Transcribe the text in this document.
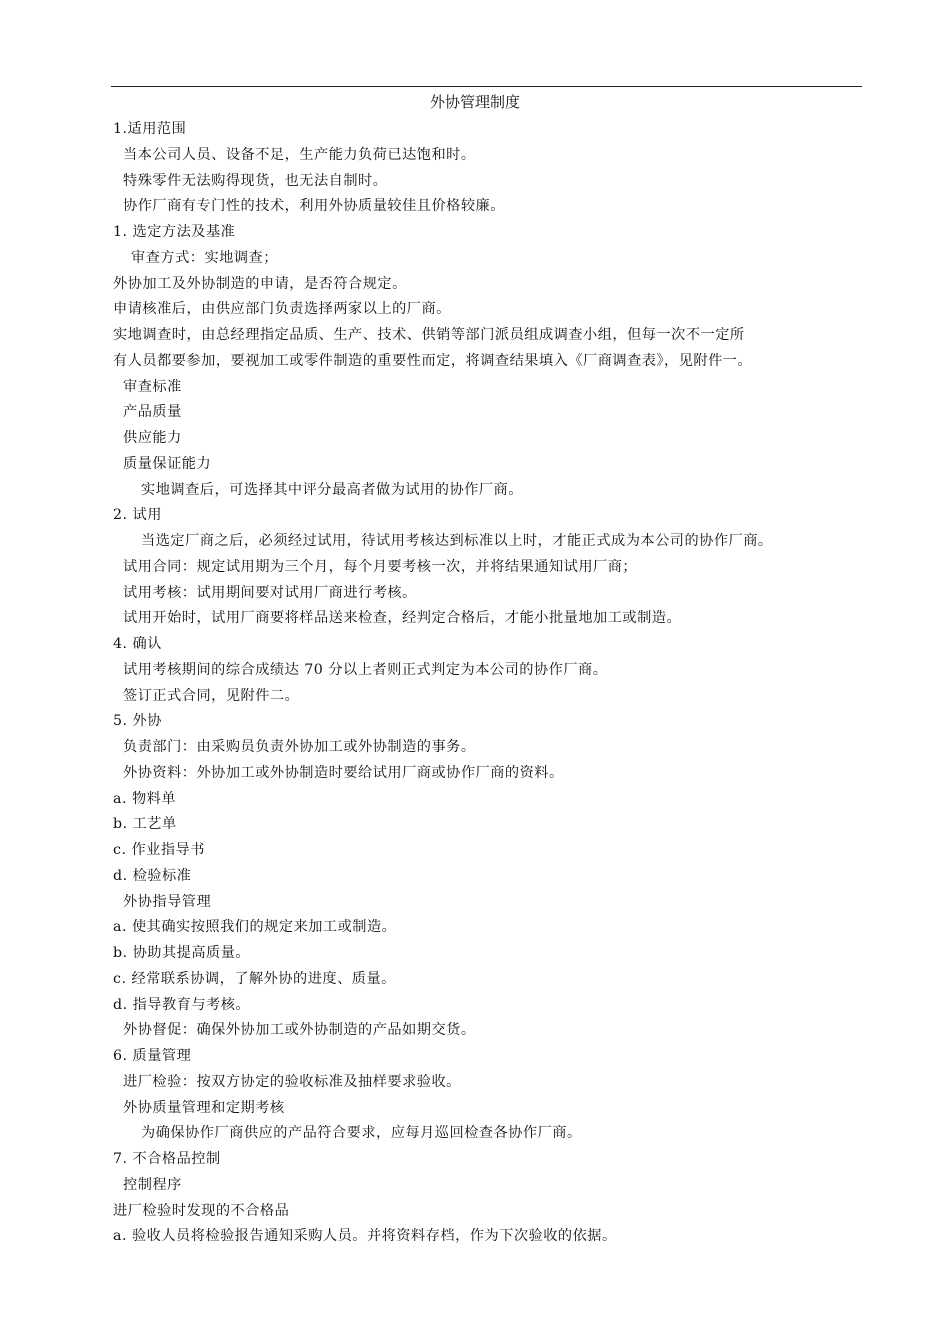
外协管理制度
1.适用范围
当本公司人员、设备不足，生产能力负荷已达饱和时。
特殊零件无法购得现货，也无法自制时。
协作厂商有专门性的技术，利用外协质量较佳且价格较廉。
1. 选定方法及基准
审查方式：实地调查；
外协加工及外协制造的申请，是否符合规定。
申请核准后，由供应部门负责选择两家以上的厂商。
实地调查时，由总经理指定品质、生产、技术、供销等部门派员组成调查小组，但每一次不一定所
有人员都要参加，要视加工或零件制造的重要性而定，将调查结果填入《厂商调查表》，见附件一。
审查标准
产品质量
供应能力
质量保证能力
实地调查后，可选择其中评分最高者做为试用的协作厂商。
2. 试用
当选定厂商之后，必须经过试用，待试用考核达到标准以上时，才能正式成为本公司的协作厂商。
试用合同：规定试用期为三个月，每个月要考核一次，并将结果通知试用厂商；
试用考核：试用期间要对试用厂商进行考核。
试用开始时，试用厂商要将样品送来检查，经判定合格后，才能小批量地加工或制造。
4. 确认
试用考核期间的综合成绩达 70 分以上者则正式判定为本公司的协作厂商。
签订正式合同，见附件二。
5. 外协
负责部门：由采购员负责外协加工或外协制造的事务。
外协资料：外协加工或外协制造时要给试用厂商或协作厂商的资料。
a. 物料单
b. 工艺单
c. 作业指导书
d. 检验标准
外协指导管理
a. 使其确实按照我们的规定来加工或制造。
b. 协助其提高质量。
c. 经常联系协调，了解外协的进度、质量。
d. 指导教育与考核。
外协督促：确保外协加工或外协制造的产品如期交货。
6. 质量管理
进厂检验：按双方协定的验收标准及抽样要求验收。
外协质量管理和定期考核
为确保协作厂商供应的产品符合要求，应每月巡回检查各协作厂商。
7. 不合格品控制
控制程序
进厂检验时发现的不合格品
a. 验收人员将检验报告通知采购人员。并将资料存档，作为下次验收的依据。
